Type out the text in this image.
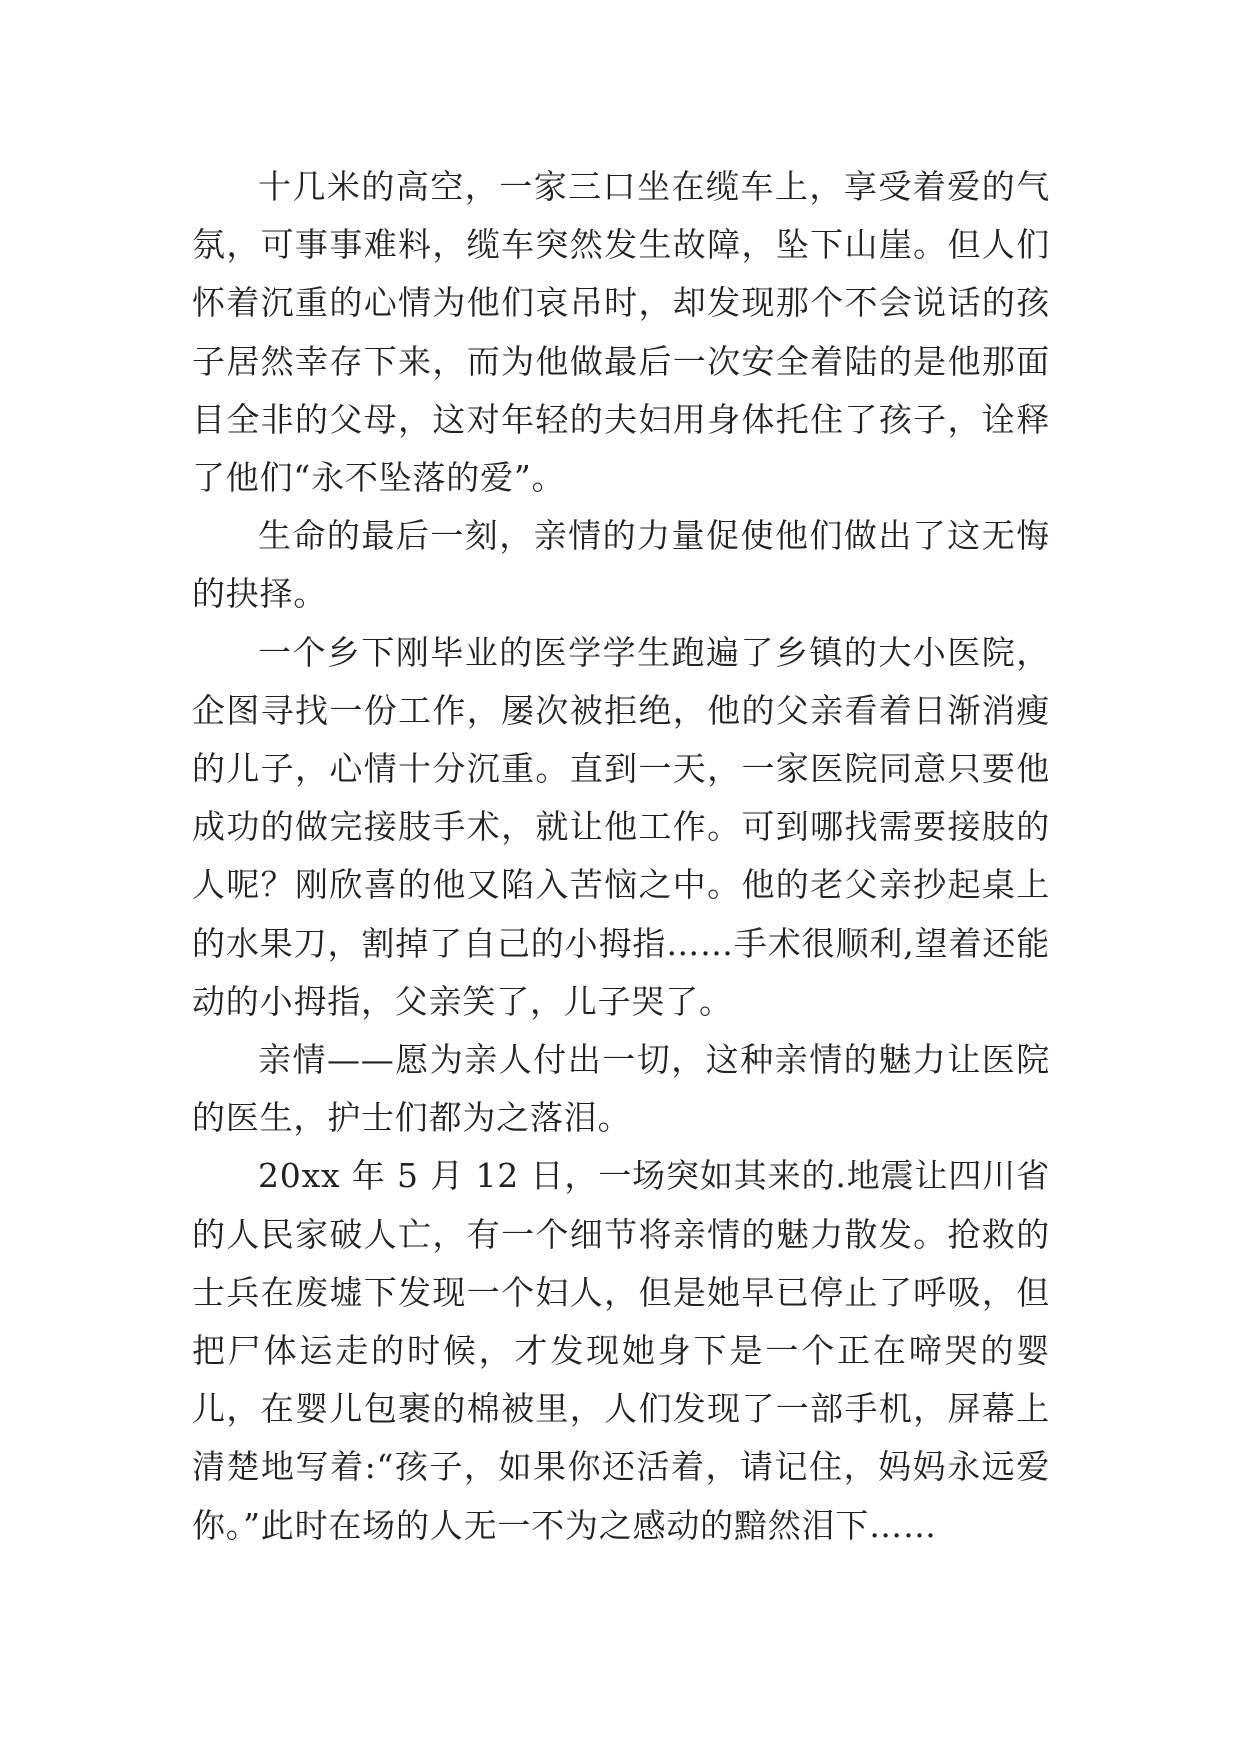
十几米的高空，一家三口坐在缆车上，享受着爱的气氛，可事事难料，缆车突然发生故障，坠下山崖。但人们怀着沉重的心情为他们哀吊时，却发现那个不会说话的孩子居然幸存下来，而为他做最后一次安全着陆的是他那面目全非的父母，这对年轻的夫妇用身体托住了孩子，诠释了他们“永不坠落的爱”。

生命的最后一刻，亲情的力量促使他们做出了这无悔的抉择。

一个乡下刚毕业的医学学生跑遍了乡镇的大小医院，企图寻找一份工作，屡次被拒绝，他的父亲看着日渐消瘦的儿子，心情十分沉重。直到一天，一家医院同意只要他成功的做完接肢手术，就让他工作。可到哪找需要接肢的人呢？刚欣喜的他又陷入苦恼之中。他的老父亲抄起桌上的水果刀，割掉了自己的小拇指……手术很顺利,望着还能动的小拇指，父亲笑了，儿子哭了。

亲情——愿为亲人付出一切，这种亲情的魅力让医院的医生，护士们都为之落泪。

20xx 年 5 月 12 日，一场突如其来的.地震让四川省的人民家破人亡，有一个细节将亲情的魅力散发。抢救的士兵在废墟下发现一个妇人，但是她早已停止了呼吸，但把尸体运走的时候，才发现她身下是一个正在啼哭的婴儿，在婴儿包裹的棉被里，人们发现了一部手机，屏幕上清楚地写着:“孩子，如果你还活着，请记住，妈妈永远爱你。”此时在场的人无一不为之感动的黯然泪下……
